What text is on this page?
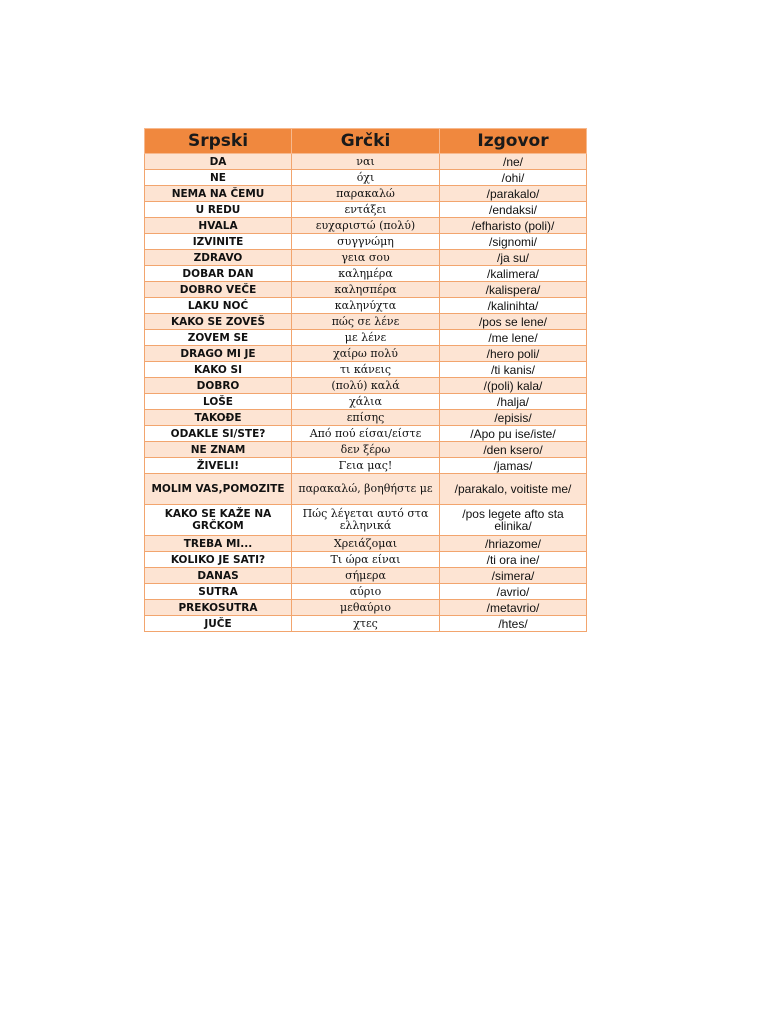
Srpski	Grčki	Izgovor
DA	ναι	/ne/
NE	όχι	/ohi/
NEMA NA ČEMU	παρακαλώ	/parakalo/
U REDU	εντάξει	/endaksi/
HVALA	ευχαριστώ (πολύ)	/efharisto (poli)/
IZVINITE	συγγνώμη	/signomi/
ZDRAVO	γεια σου	/ja su/
DOBAR DAN	καλημέρα	/kalimera/
DOBRO VEČE	καλησπέρα	/kalispera/
LAKU NOĆ	καληνύχτα	/kalinihta/
KAKO SE ZOVEŠ	πώς σε λένε	/pos se lene/
ZOVEM SE	με λένε	/me lene/
DRAGO MI JE	χαίρω πολύ	/hero poli/
KAKO SI	τι κάνεις	/ti kanis/
DOBRO	(πολύ) καλά	/(poli) kala/
LOŠE	χάλια	/halja/
TAKOĐE	επίσης	/episis/
ODAKLE SI/STE?	Από πού είσαι/είστε	/Apo pu ise/iste/
NE ZNAM	δεν ξέρω	/den ksero/
ŽIVELI!	Γεια μας!	/jamas/
MOLIM VAS,POMOZITE	παρακαλώ, βοηθήστε με	/parakalo, voitiste me/
KAKO SE KAŽE NA GRČKOM	Πώς λέγεται αυτό στα ελληνικά	/pos legete afto sta elinika/
TREBA MI...	Χρειάζομαι	/hriazome/
KOLIKO JE SATI?	Τι ώρα είναι	/ti ora ine/
DANAS	σήμερα	/simera/
SUTRA	αύριο	/avrio/
PREKOSUTRA	μεθαύριο	/metavrio/
JUČE	χτες	/htes/
